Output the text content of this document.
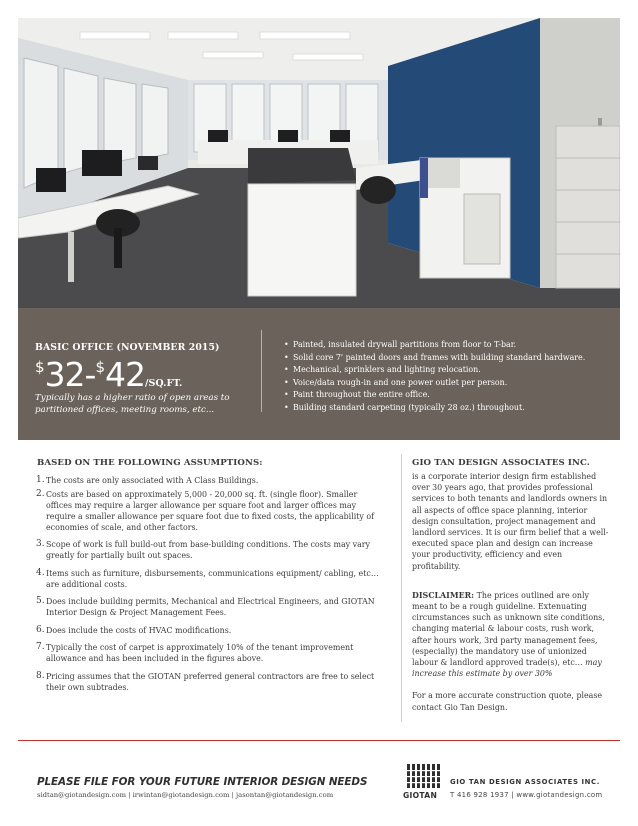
BASIC OFFICE (NOVEMBER 2015)
$32-$42/SQ.FT.
Typically has a higher ratio of open areas to partitioned offices, meeting rooms, etc...
• Painted, insulated drywall partitions from floor to T-bar.
• Solid core 7' painted doors and frames with building standard hardware.
• Mechanical, sprinklers and lighting relocation.
• Voice/data rough-in and one power outlet per person.
• Paint throughout the entire office.
• Building standard carpeting (typically 28 oz.) throughout.
BASED ON THE FOLLOWING ASSUMPTIONS:
1. The costs are only associated with A Class Buildings.
2. Costs are based on approximately 5,000 - 20,000 sq. ft. (single floor). Smaller offices may require a larger allowance per square foot and larger offices may require a smaller allowance per square foot due to fixed costs, the applicability of economies of scale, and other factors.
3. Scope of work is full build-out from base-building conditions. The costs may vary greatly for partially built out spaces.
4. Items such as furniture, disbursements, communications equipment/ cabling, etc…are additional costs.
5. Does include building permits, Mechanical and Electrical Engineers, and GIOTAN Interior Design & Project Management Fees.
6. Does include the costs of HVAC modifications.
7. Typically the cost of carpet is approximately 10% of the tenant improvement allowance and has been included in the figures above.
8. Pricing assumes that the GIOTAN preferred general contractors are free to select their own subtrades.
GIO TAN DESIGN ASSOCIATES INC.

is a corporate interior design firm established over 30 years ago, that provides professional services to both tenants and landlords owners in all aspects of office space planning, interior design consultation, project management and landlord services. It is our firm belief that a well-executed space plan and design can increase your productivity, efficiency and even profitability.

DISCLAIMER: The prices outlined are only meant to be a rough guideline. Extenuating circumstances such as unknown site conditions, changing material & labour costs, rush work, after hours work, 3rd party management fees, (especially) the mandatory use of unionized labour & landlord approved trade(s), etc… may increase this estimate by over 30%

For a more accurate construction quote, please contact Gio Tan Design.

PLEASE FILE FOR YOUR FUTURE INTERIOR DESIGN NEEDS
sidtan@giotandesign.com | irwintan@giotandesign.com | jasontan@giotandesign.com	GIOTAN
GIO TAN DESIGN ASSOCIATES INC.
T 416 928 1937 | www.giotandesign.com
